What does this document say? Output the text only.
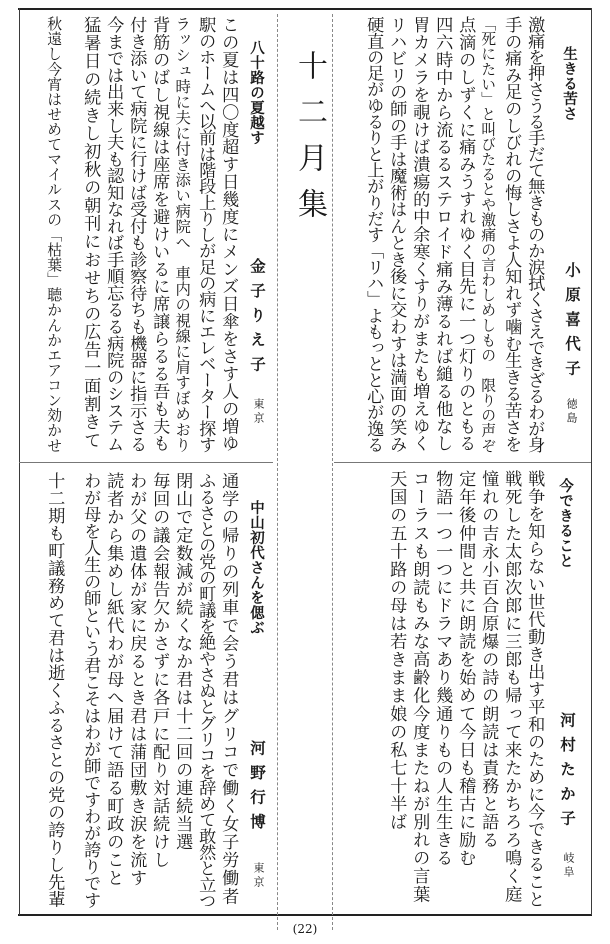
十二月集	生きる苦さ
小原喜代子
徳島
激痛を押さうる手だて無きものか涙拭くさえできざるわが身
手の痛み足のしびれの悔しさよ人知れず噛む生きる苦さを
「死にたい」と叫びたるとや激痛の言わしめしもの　限りの声ぞ
点滴のしずくに痛みうすれゆく目先に一つ灯りのともる
四六時中から流るるステロイド痛み薄るれば縋る他なし
胃カメラを覗けば潰瘍的中余寒くすりがまたも増えゆく
リハビリの師の手は魔術はんとき後に交わすは満面の笑み
硬直の足がゆるりと上がりだす「リハ」よもっとと心が逸る
八十路の夏越す
金子りえ子
東京
この夏は四〇度超す日幾度にメンズ日傘をさす人の増ゆ
駅のホームへ以前は階段上りしが足の病にエレベーター探す
ラッシュ時に夫に付き添い病院へ　車内の視線に肩すぼめおり
背筋のばし視線は座席を避けいるに席譲らるる吾も夫も
付き添いて病院に行けば受付も診察待ちも機器に指示さる
今までは出来し夫も認知なれば手順忘るる病院のシステム
猛暑日の続きし初秋の朝刊におせちの広告一面割きて
秋遠し今宵はせめてマイルスの「枯葉」聴かんかエアコン効かせ
今できること
河村たか子
岐阜
戦争を知らない世代動き出す平和のために今できること
戦死した太郎次郎に三郎も帰って来たかちろろ鳴く庭
憧れの吉永小百合原爆の詩の朗読は責務と語る
定年後仲間と共に朗読を始めて今日も稽古に励む
物語一つ一つにドラマあり幾通りもの人生生きる
コーラスも朗読もみな高齢化今度またねが別れの言葉
天国の五十路の母は若きまま娘の私七十半ば
中山初代さんを偲ぶ
河野行博
東京
通学の帰りの列車で会う君はグリコで働く女子労働者
ふるさとの党の町議を絶やさぬとグリコを辞めて敢然と立つ
閉山で定数減が続くなか君は十二回の連続当選
毎回の議会報告欠かさずに各戸に配り対話続けし
わが父の遺体が家に戻るとき君は蒲団敷き涙を流す
読者から集めし紙代わが母へ届けて語る町政のこと
わが母を人生の師という君こそはわが師ですわが誇りです
十二期も町議務めて君は逝くふるさとの党の誇りし先輩
(22)
